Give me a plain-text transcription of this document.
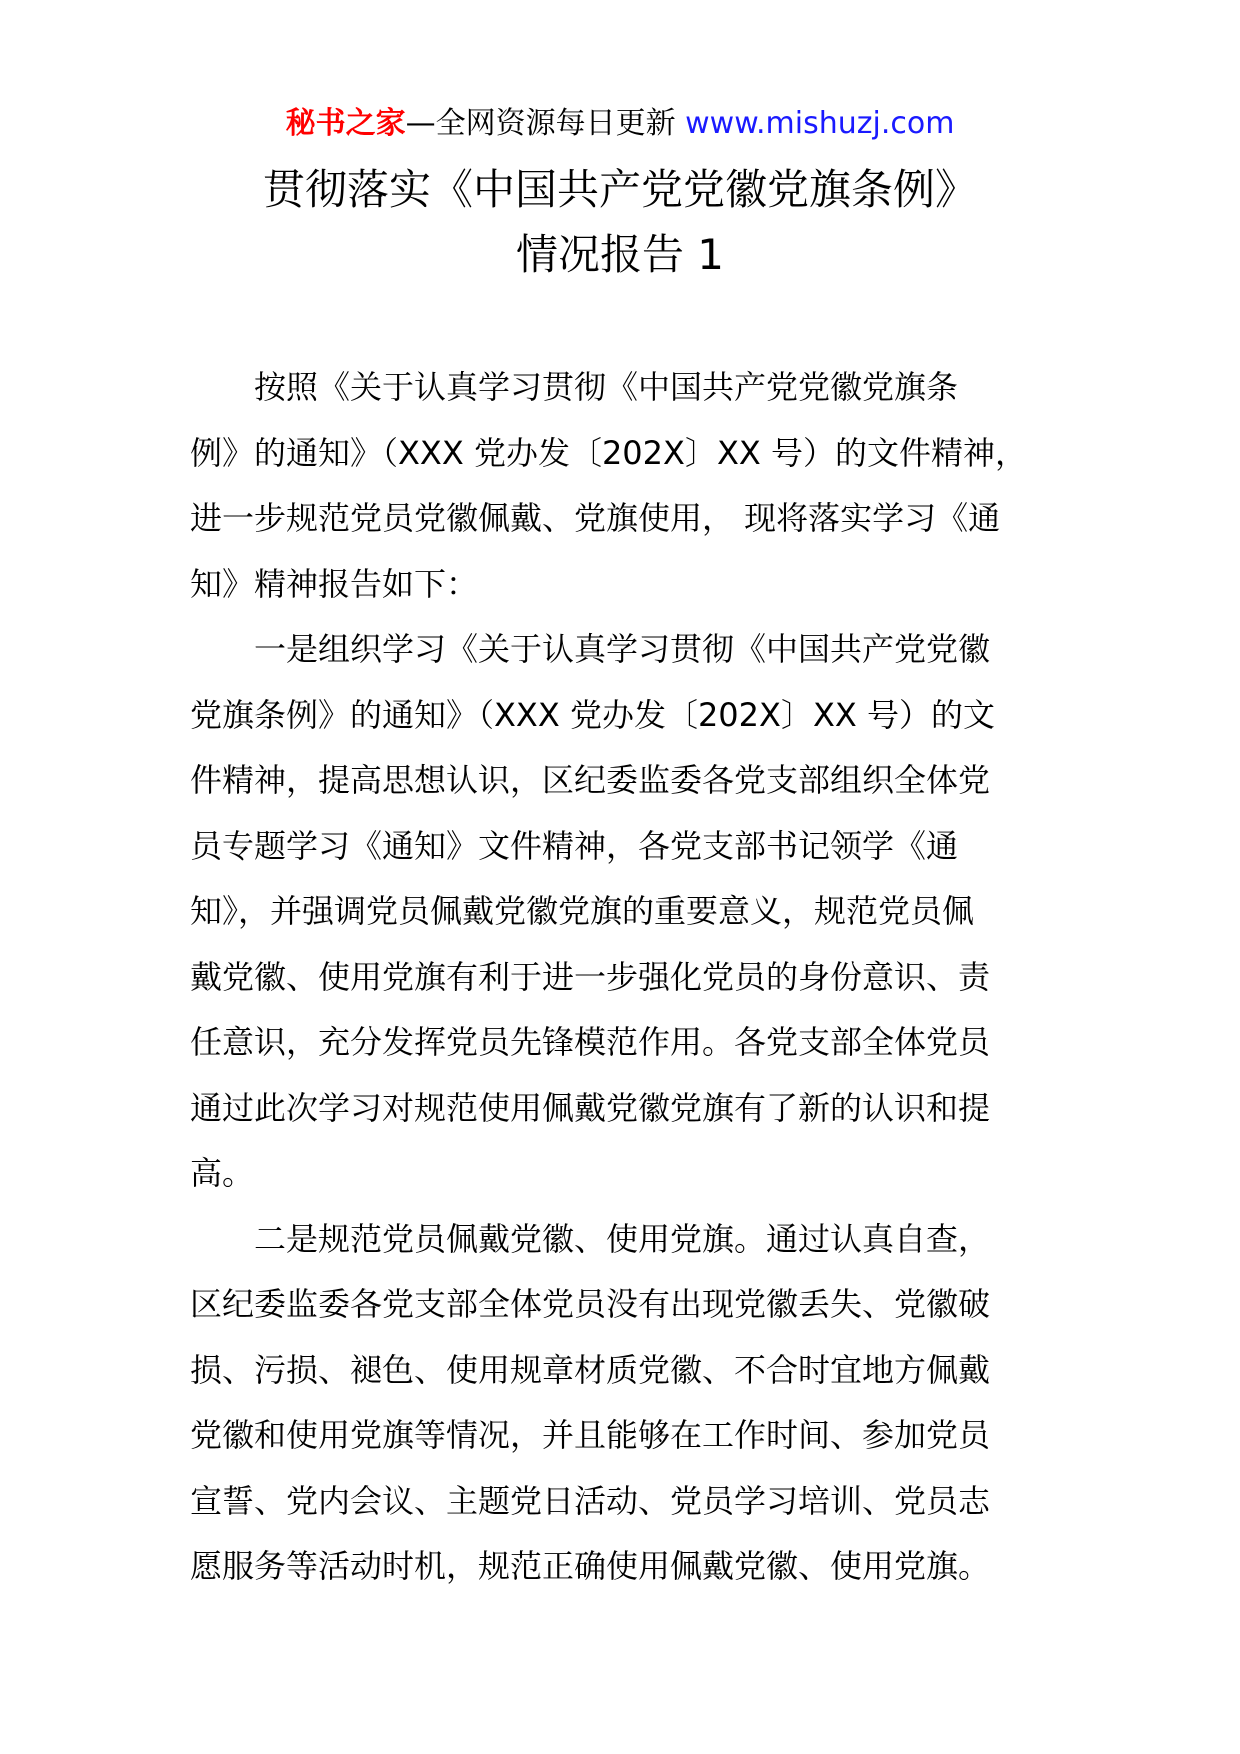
秘书之家—全网资源每日更新 www.mishuzj.com
贯彻落实《中国共产党党徽党旗条例》
情况报告 1

按照《关于认真学习贯彻《中国共产党党徽党旗条
例》的通知》（XXX 党办发〔202X〕XX 号）的文件精神，
进一步规范党员党徽佩戴、党旗使用， 现将落实学习《通
知》精神报告如下：

一是组织学习《关于认真学习贯彻《中国共产党党徽
党旗条例》的通知》（XXX 党办发〔202X〕XX 号）的文
件精神，提高思想认识，区纪委监委各党支部组织全体党
员专题学习《通知》文件精神，各党支部书记领学《通
知》，并强调党员佩戴党徽党旗的重要意义，规范党员佩
戴党徽、使用党旗有利于进一步强化党员的身份意识、责
任意识，充分发挥党员先锋模范作用。各党支部全体党员
通过此次学习对规范使用佩戴党徽党旗有了新的认识和提
高。

二是规范党员佩戴党徽、使用党旗。通过认真自查，
区纪委监委各党支部全体党员没有出现党徽丢失、党徽破
损、污损、褪色、使用规章材质党徽、不合时宜地方佩戴
党徽和使用党旗等情况，并且能够在工作时间、参加党员
宣誓、党内会议、主题党日活动、党员学习培训、党员志
愿服务等活动时机，规范正确使用佩戴党徽、使用党旗。
